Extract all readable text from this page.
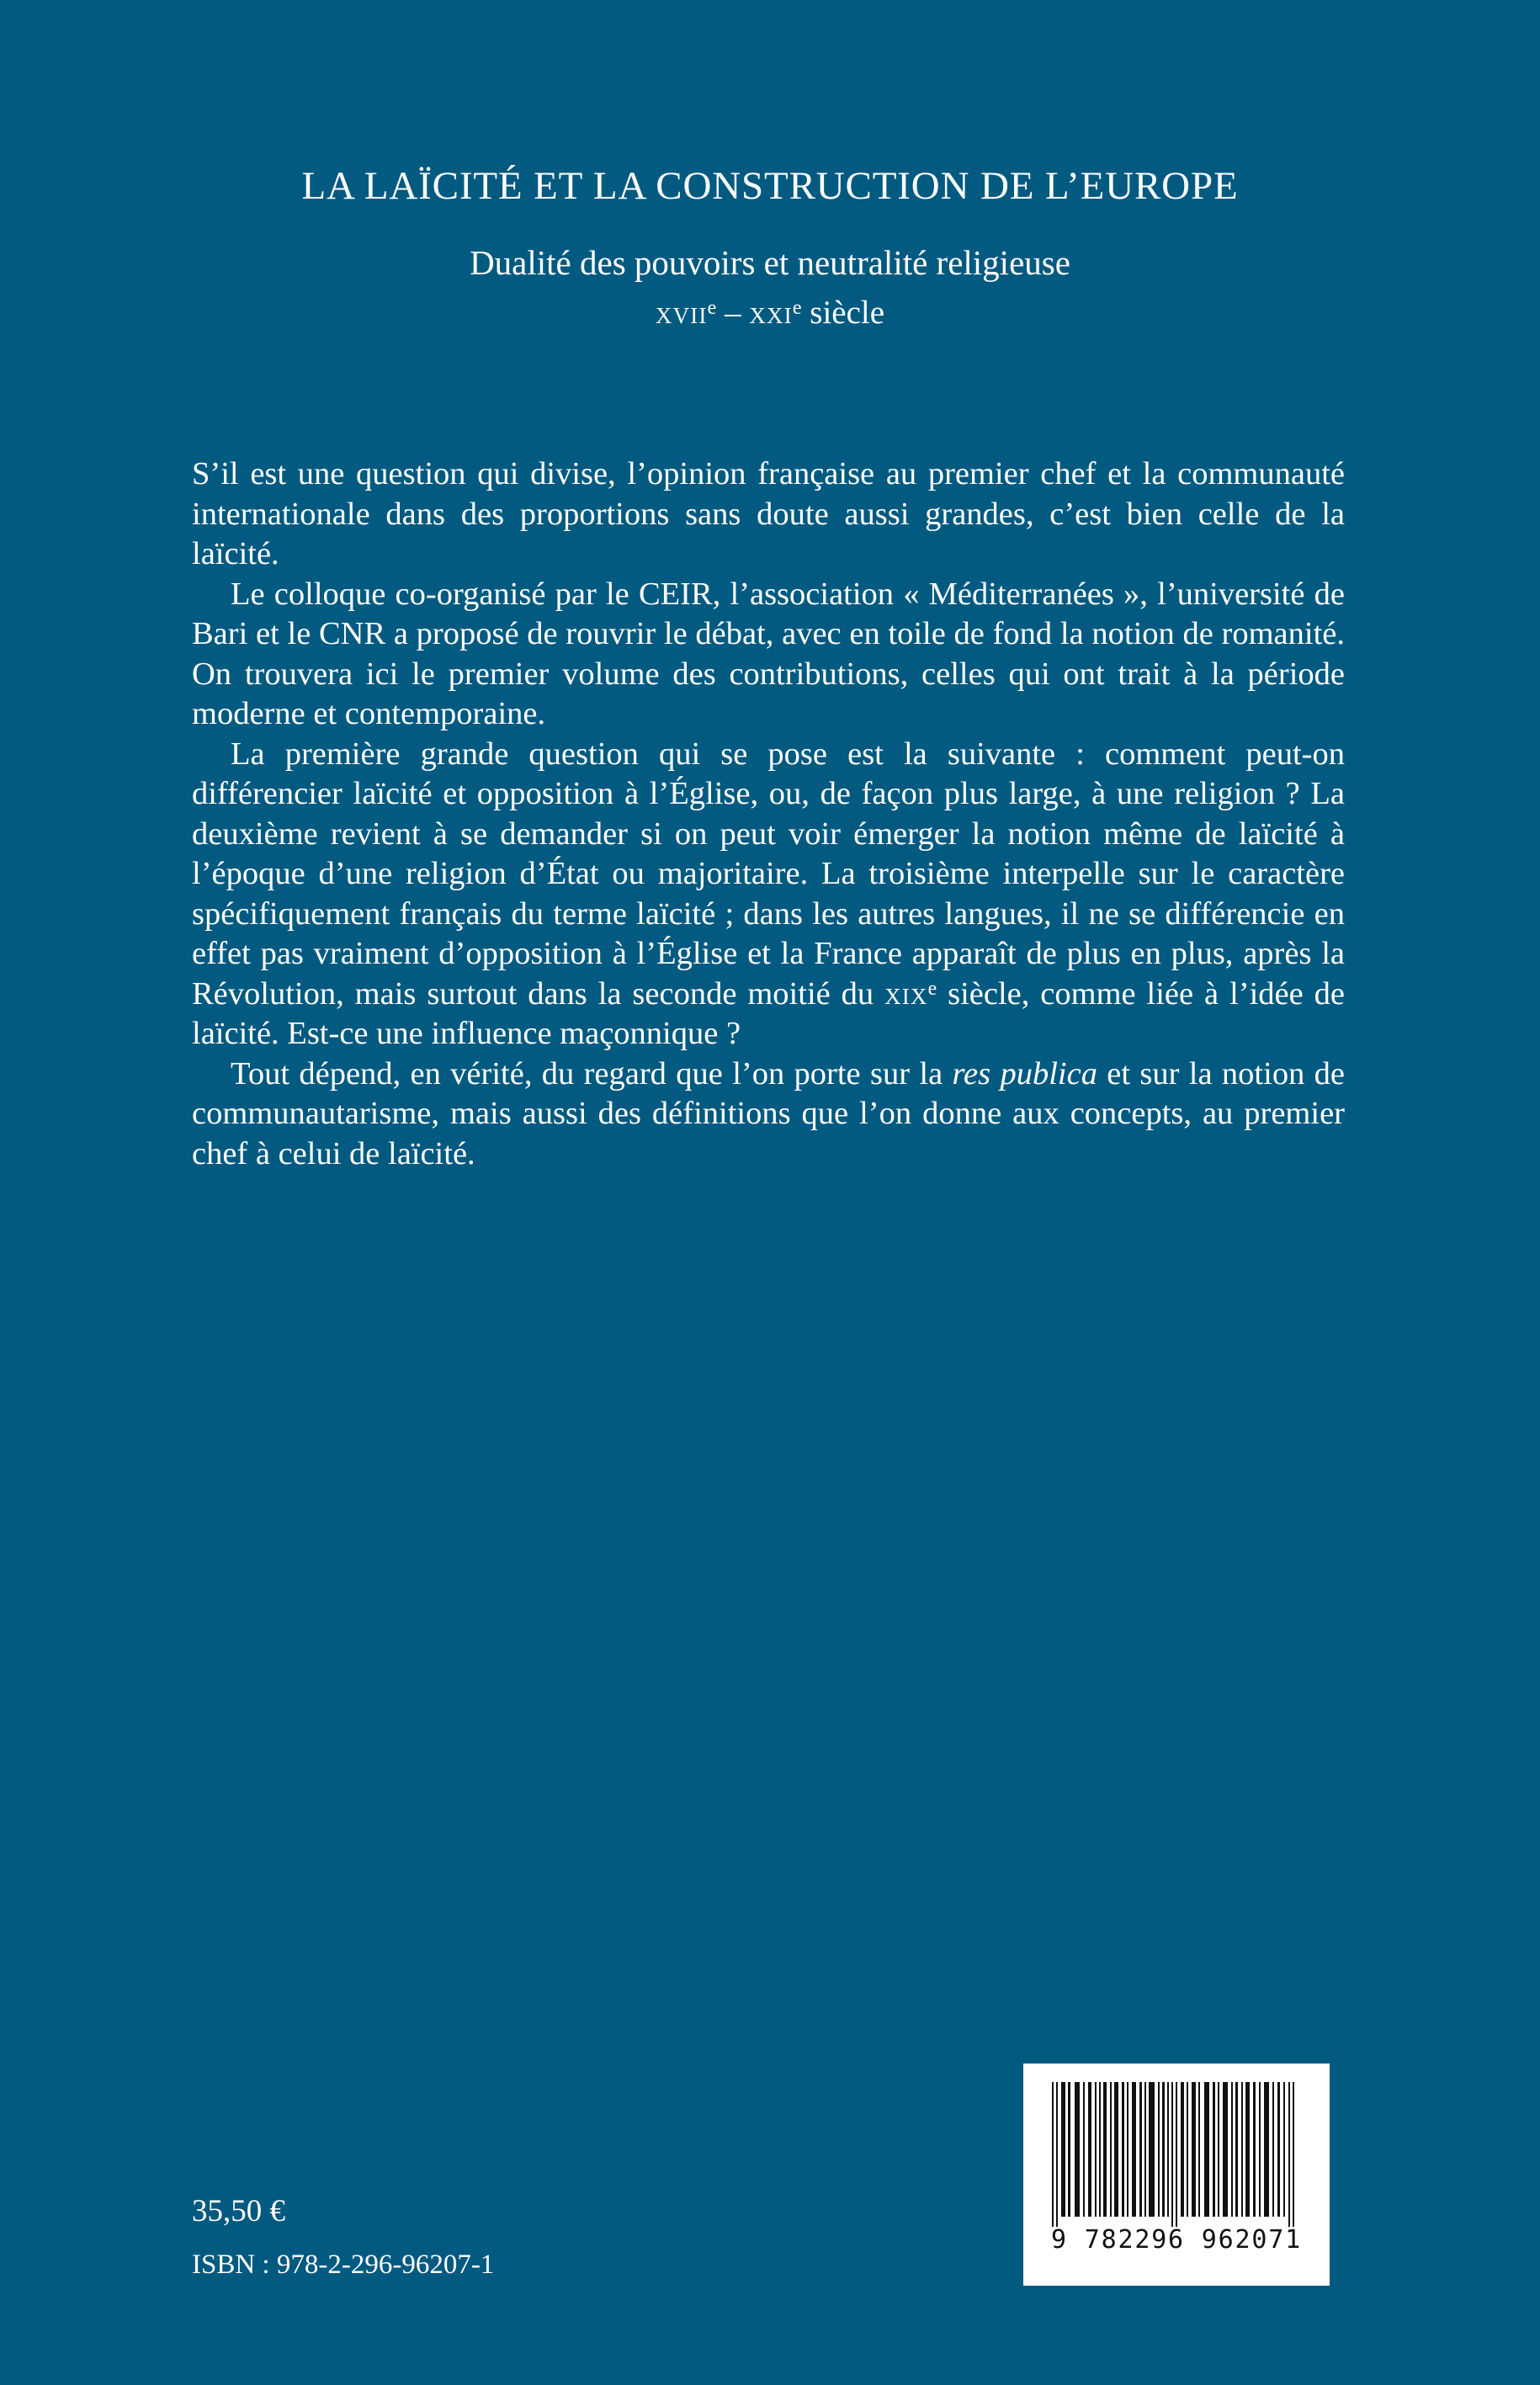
LA LAÏCITÉ ET LA CONSTRUCTION DE L’EUROPE

Dualité des pouvoirs et neutralité religieuse

xvii$^e$ – xxi$^e$ siècle

S’il est une question qui divise, l’opinion française au premier chef et la communauté internationale dans des proportions sans doute aussi grandes, c’est bien celle de la laïcité.

Le colloque co-organisé par le CEIR, l’association « Méditerranées », l’université de Bari et le CNR a proposé de rouvrir le débat, avec en toile de fond la notion de romanité. On trouvera ici le premier volume des contributions, celles qui ont trait à la période moderne et contemporaine.

La première grande question qui se pose est la suivante : comment peut-on différencier laïcité et opposition à l’Église, ou, de façon plus large, à une religion ? La deuxième revient à se demander si on peut voir émerger la notion même de laïcité à l’époque d’une religion d’État ou majoritaire. La troisième interpelle sur le caractère spécifiquement français du terme laïcité ; dans les autres langues, il ne se différencie en effet pas vraiment d’opposition à l’Église et la France apparaît de plus en plus, après la Révolution, mais surtout dans la seconde moitié du xix$^e$ siècle, comme liée à l’idée de laïcité. Est-ce une influence maçonnique ?

Tout dépend, en vérité, du regard que l’on porte sur la res publica et sur la notion de communautarisme, mais aussi des définitions que l’on donne aux concepts, au premier chef à celui de laïcité.

35,50 €
ISBN : 978-2-296-96207-1
9 782296 962071
